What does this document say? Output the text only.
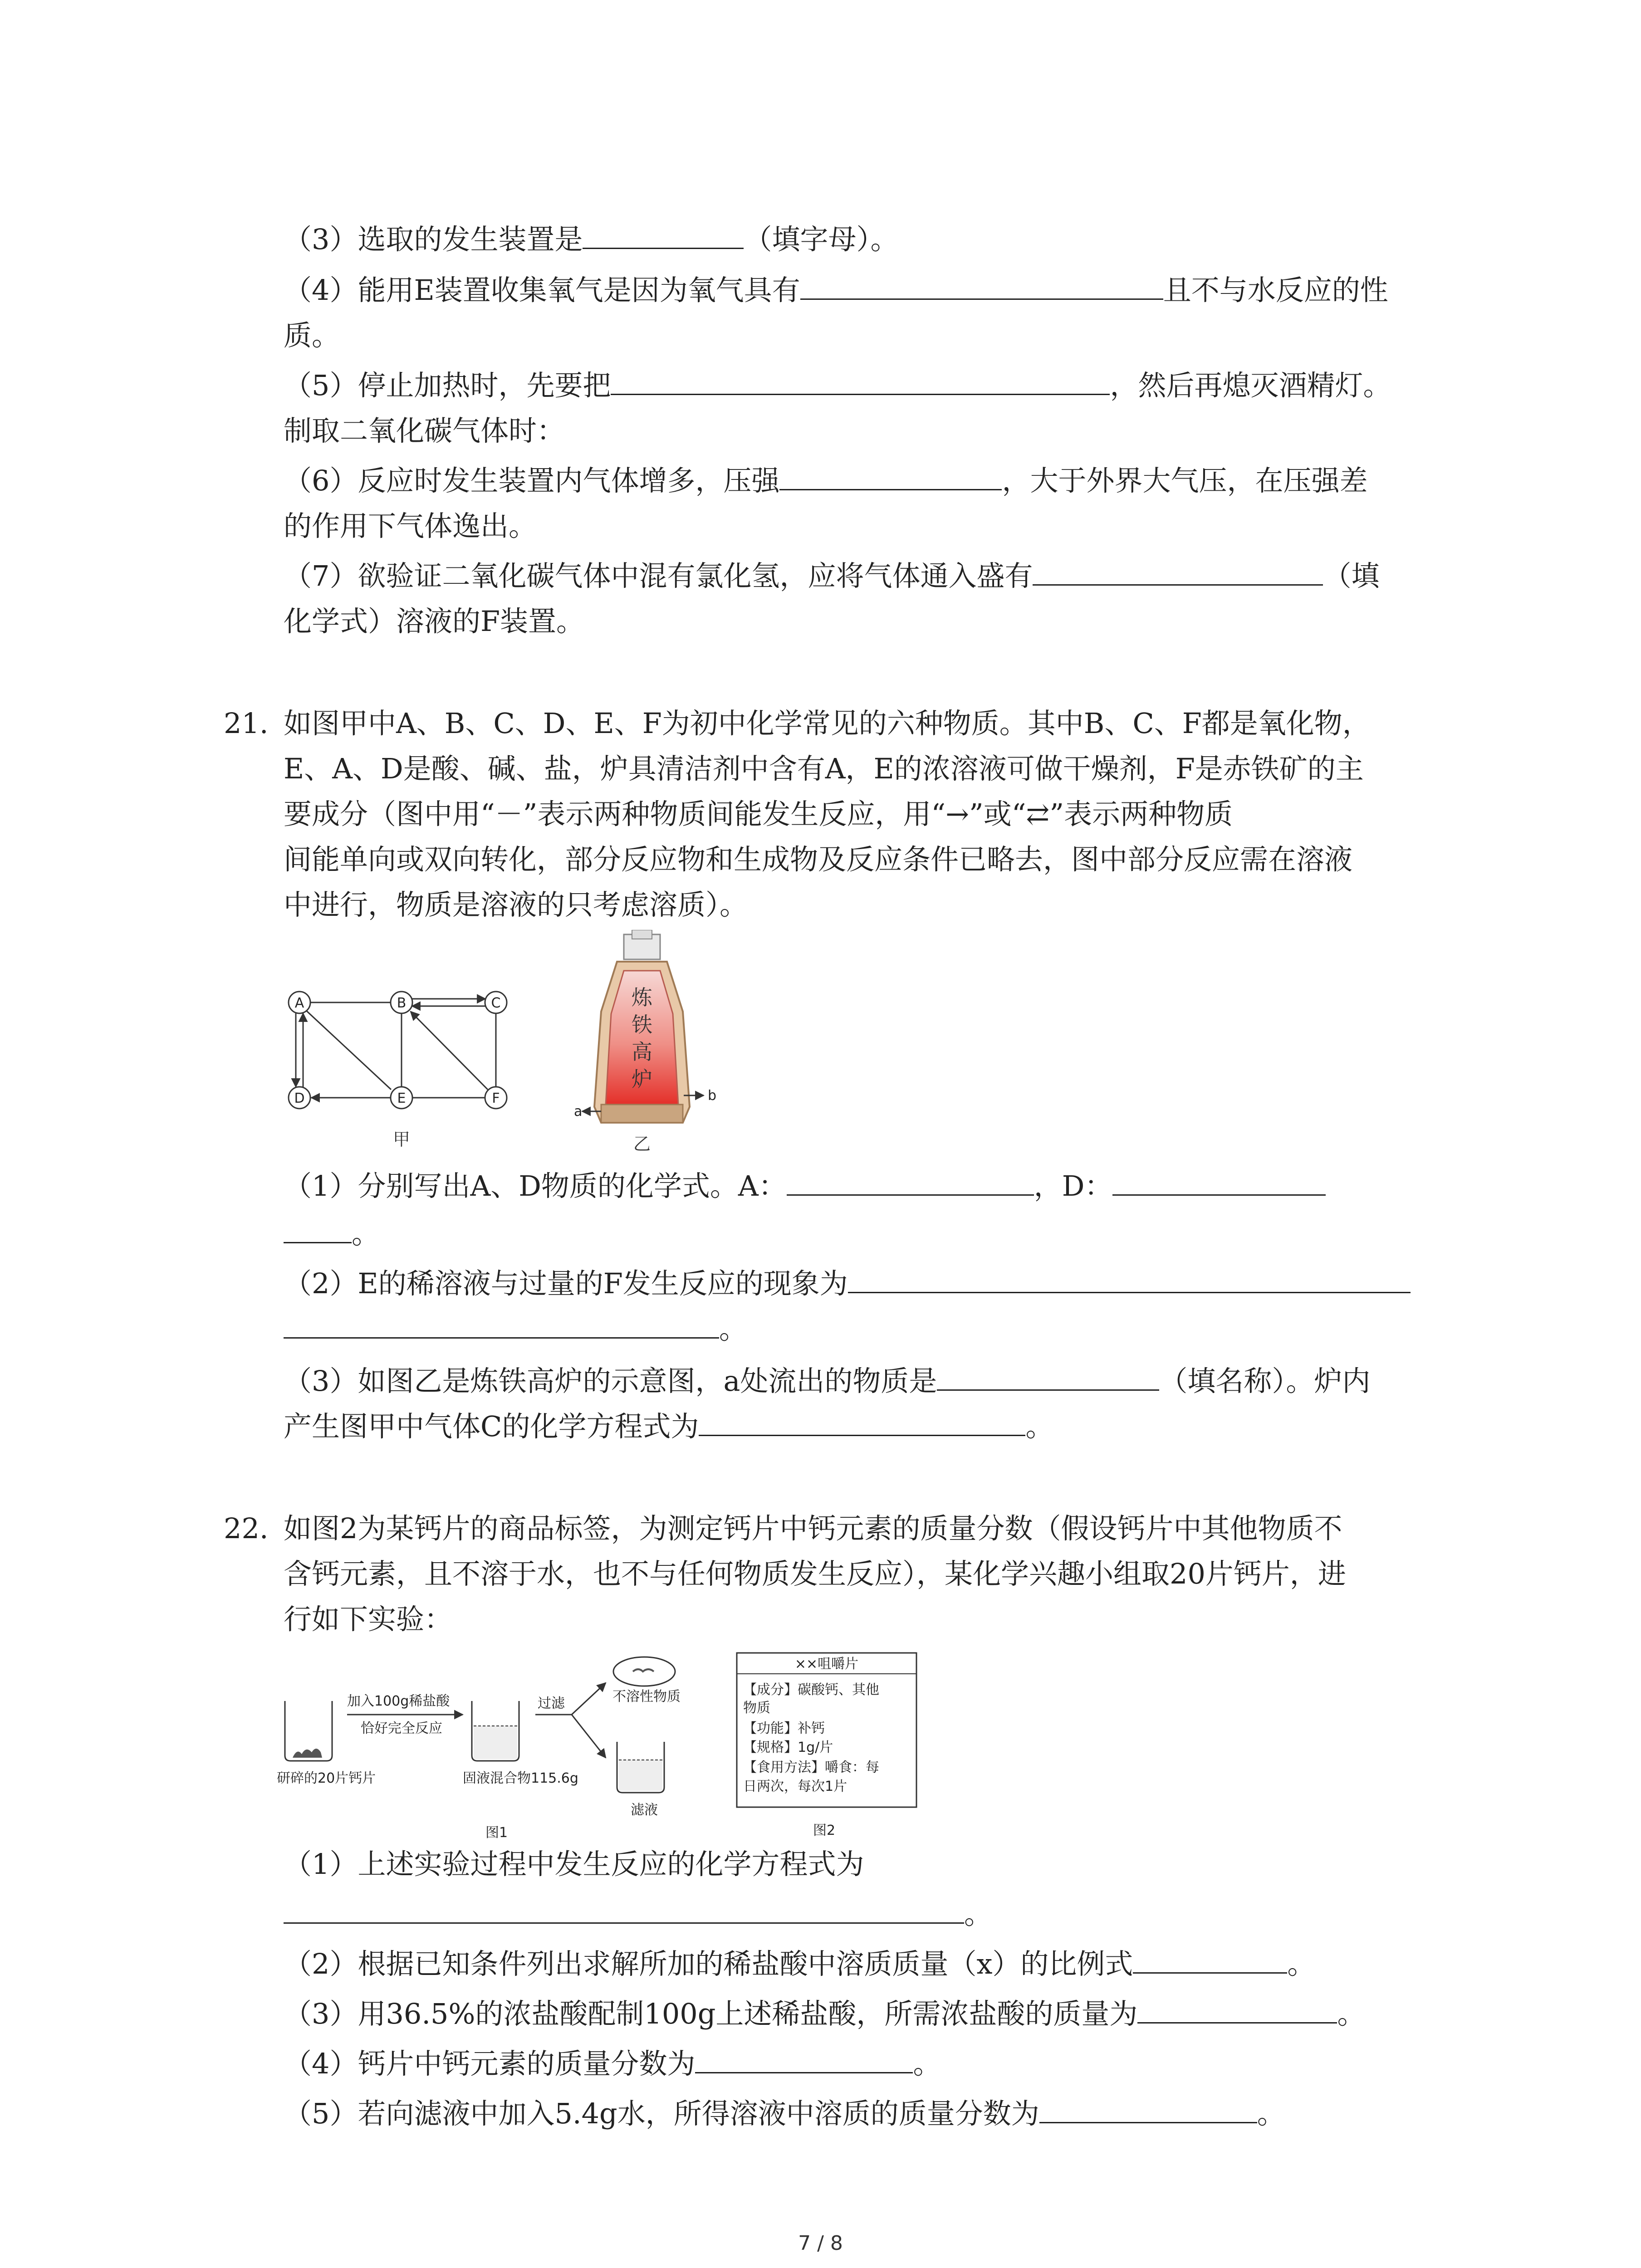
（3）选取的发生装置是	（填字母）。
（4）能用E装置收集氧气是因为氧气具有	且不与水反应的性
质。
（5）停止加热时，先要把	，然后再熄灭酒精灯。
制取二氧化碳气体时：
（6）反应时发生装置内气体增多，压强	，大于外界大气压，在压强差
的作用下气体逸出。
（7）欲验证二氧化碳气体中混有氯化氢，应将气体通入盛有	（填
化学式）溶液的F装置。
21. 如图甲中A、B、C、D、E、F为初中化学常见的六种物质。其中B、C、F都是氧化物，
E、A、D是酸、碱、盐，炉具清洁剂中含有A，E的浓溶液可做干燥剂，F是赤铁矿的主
要成分（图中用“－”表示两种物质间能发生反应，用“→”或“⇄”表示两种物质
间能单向或双向转化，部分反应物和生成物及反应条件已略去，图中部分反应需在溶液
中进行，物质是溶液的只考虑溶质）。
A	B	C
D	E	F
甲
炼
铁
高
炉
a
b
乙
（1）分别写出A、D物质的化学式。A：	，D：
。
（2）E的稀溶液与过量的F发生反应的现象为
。
（3）如图乙是炼铁高炉的示意图，a处流出的物质是	（填名称）。炉内
产生图甲中气体C的化学方程式为	。
22. 如图2为某钙片的商品标签，为测定钙片中钙元素的质量分数（假设钙片中其他物质不
含钙元素，且不溶于水，也不与任何物质发生反应），某化学兴趣小组取20片钙片，进
行如下实验：
研碎的20片钙片
加入100g稀盐酸
恰好完全反应
固液混合物115.6g
过滤	不溶性物质
滤液
图1
××咀嚼片
【成分】碳酸钙、其他
物质
【功能】补钙
【规格】1g/片
【食用方法】嚼食：每
日两次，每次1片
图2
（1）上述实验过程中发生反应的化学方程式为
。
（2）根据已知条件列出求解所加的稀盐酸中溶质质量（x）的比例式	。
（3）用36.5%的浓盐酸配制100g上述稀盐酸，所需浓盐酸的质量为	。
（4）钙片中钙元素的质量分数为	。
（5）若向滤液中加入5.4g水，所得溶液中溶质的质量分数为	。
7 / 8
